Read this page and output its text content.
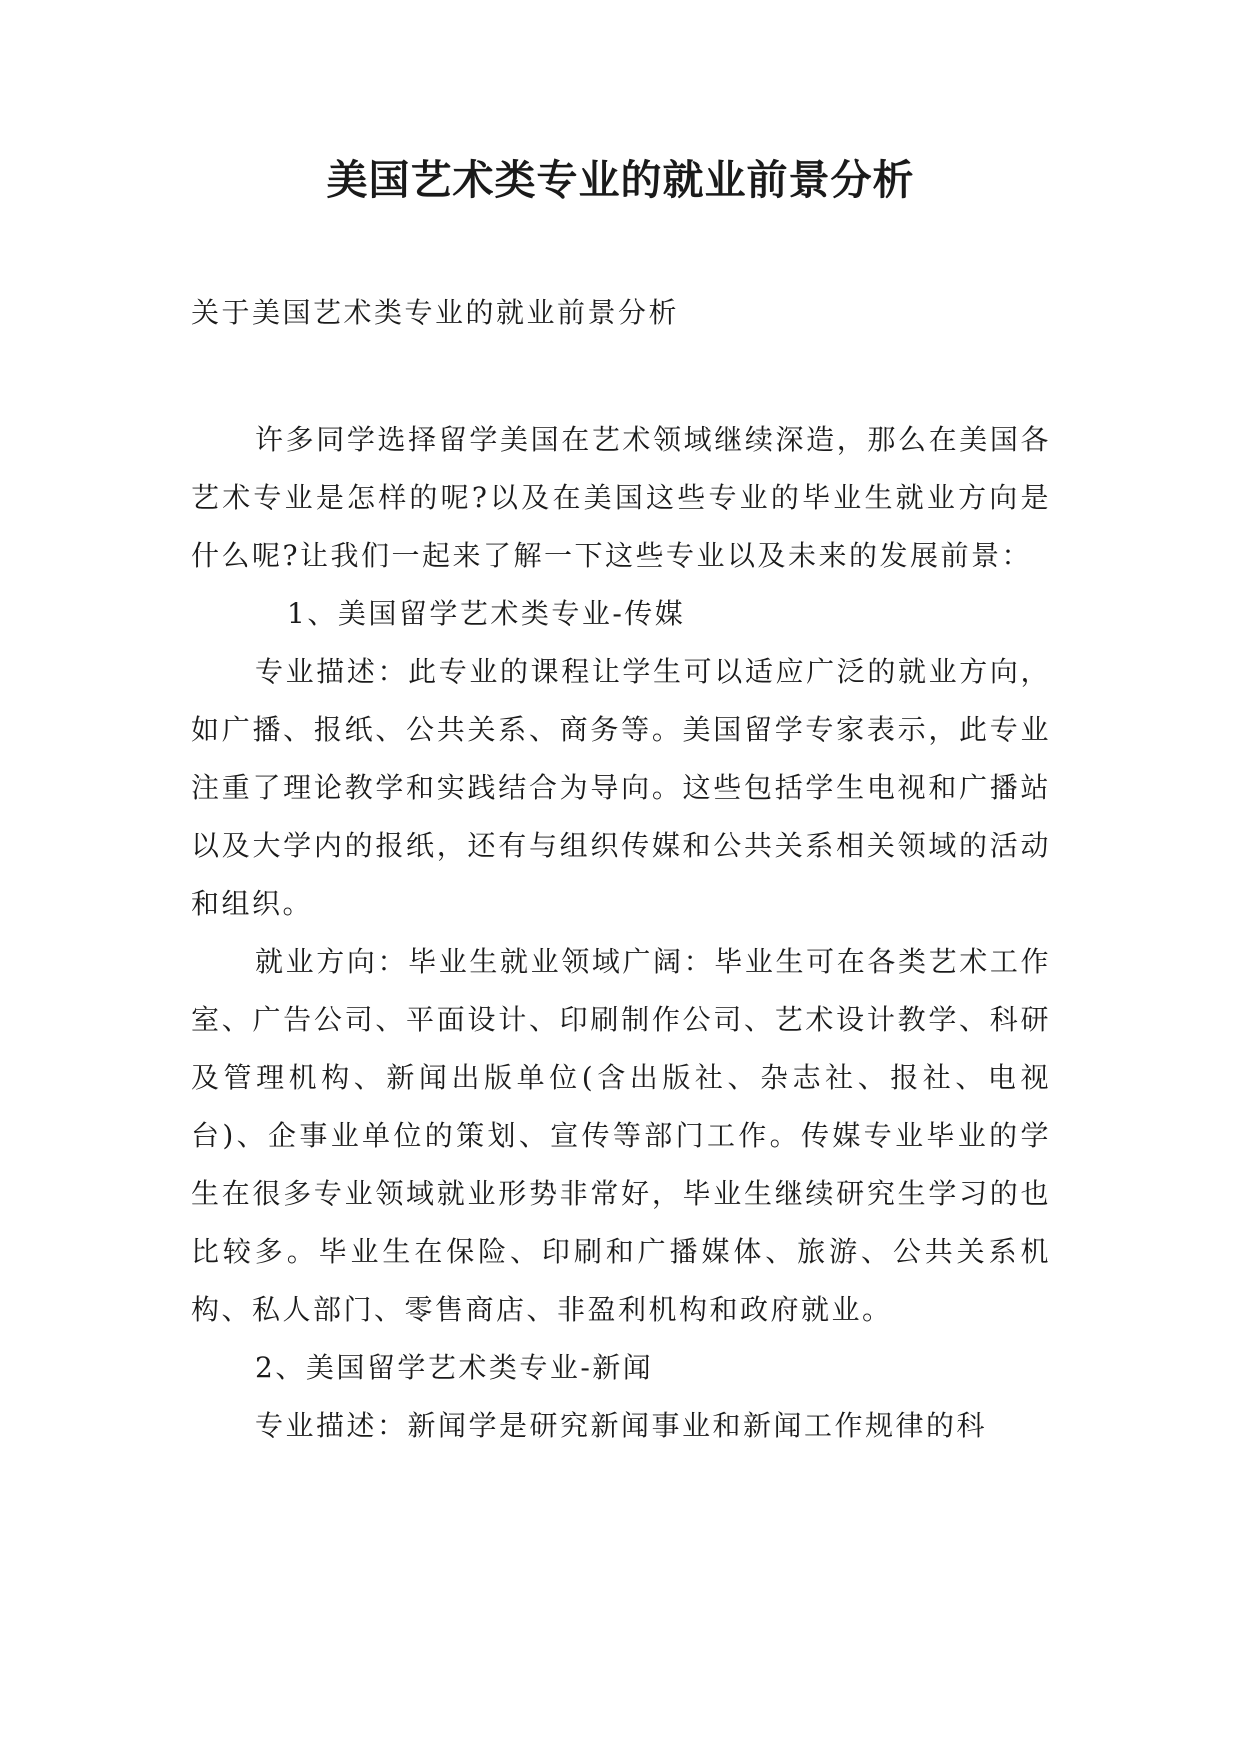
美国艺术类专业的就业前景分析

关于美国艺术类专业的就业前景分析

许多同学选择留学美国在艺术领域继续深造，那么在美国各艺术专业是怎样的呢?以及在美国这些专业的毕业生就业方向是什么呢?让我们一起来了解一下这些专业以及未来的发展前景：

1、美国留学艺术类专业-传媒

专业描述：此专业的课程让学生可以适应广泛的就业方向，如广播、报纸、公共关系、商务等。美国留学专家表示，此专业注重了理论教学和实践结合为导向。这些包括学生电视和广播站以及大学内的报纸，还有与组织传媒和公共关系相关领域的活动和组织。

就业方向：毕业生就业领域广阔：毕业生可在各类艺术工作室、广告公司、平面设计、印刷制作公司、艺术设计教学、科研及管理机构、新闻出版单位(含出版社、杂志社、报社、电视台)、企事业单位的策划、宣传等部门工作。传媒专业毕业的学生在很多专业领域就业形势非常好，毕业生继续研究生学习的也比较多。毕业生在保险、印刷和广播媒体、旅游、公共关系机构、私人部门、零售商店、非盈利机构和政府就业。

2、美国留学艺术类专业-新闻

专业描述：新闻学是研究新闻事业和新闻工作规律的科
